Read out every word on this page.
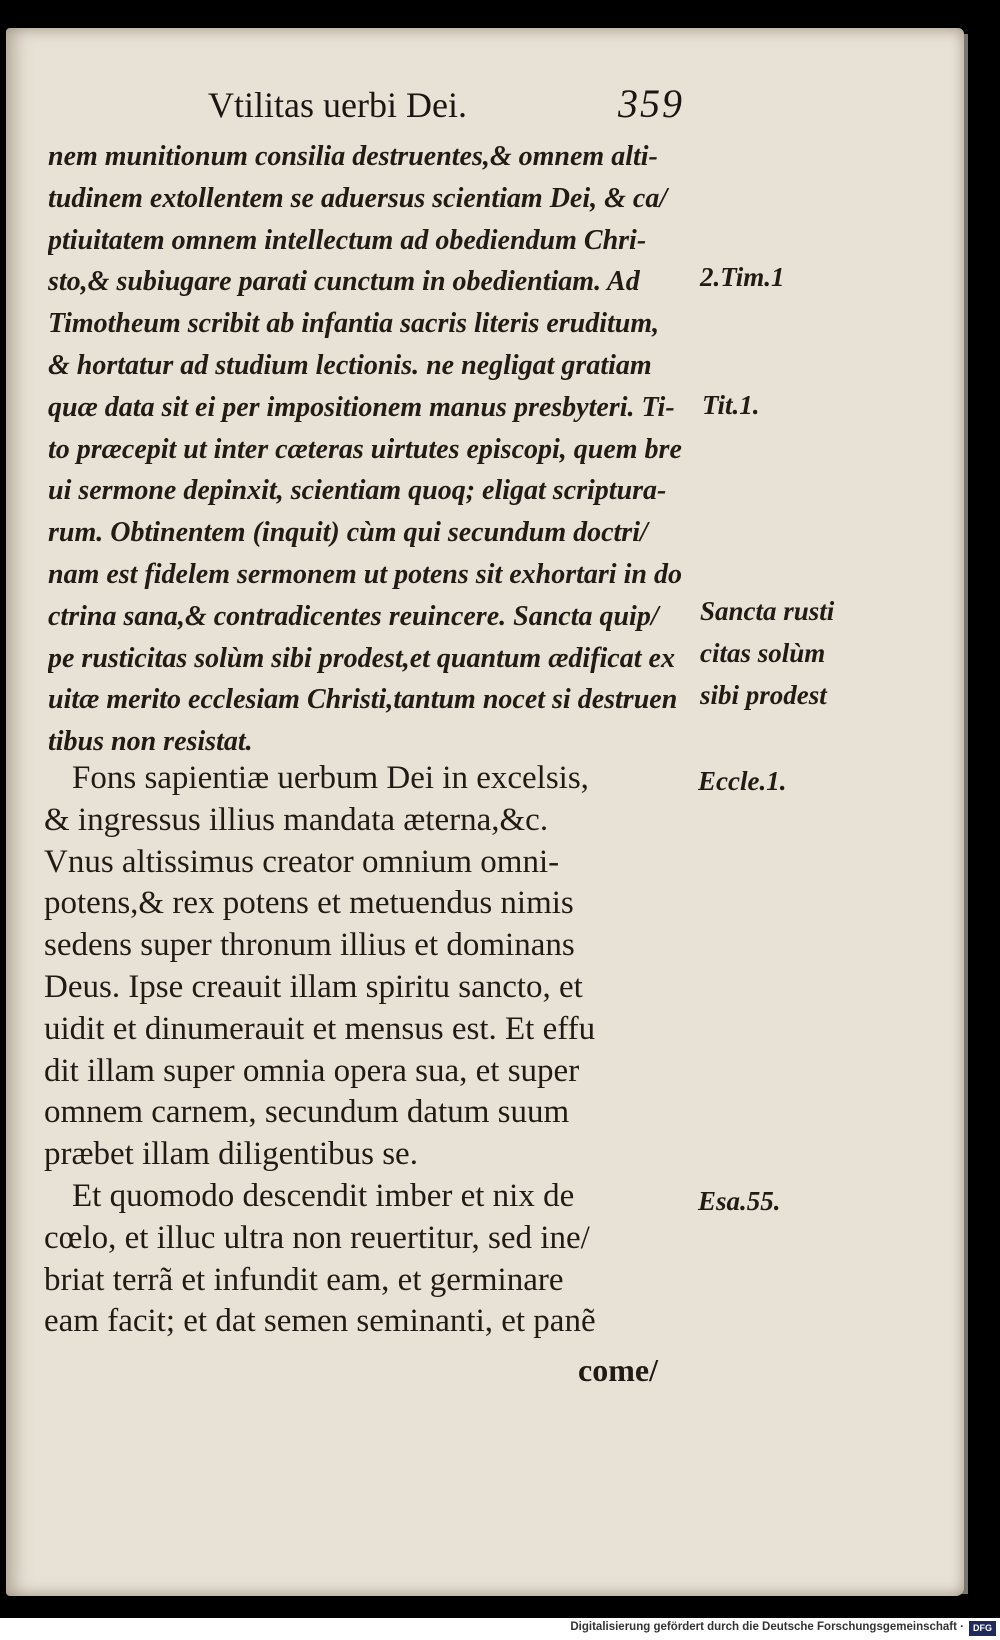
Vtilitas uerbi Dei.	359
nem munitionum consilia destruentes,& omnem alti-
tudinem extollentem se aduersus scientiam Dei, & ca/
ptiuitatem omnem intellectum ad obediendum Chri-
sto,& subiugare parati cunctum in obedientiam. Ad
Timotheum scribit ab infantia sacris literis eruditum,
& hortatur ad studium lectionis. ne negligat gratiam
quæ data sit ei per impositionem manus presbyteri. Ti-
to præcepit ut inter cæteras uirtutes episcopi, quem bre
ui sermone depinxit, scientiam quoq; eligat scriptura-
rum. Obtinentem (inquit) cùm qui secundum doctri/
nam est fidelem sermonem ut potens sit exhortari in do
ctrina sana,& contradicentes reuincere. Sancta quip/
pe rusticitas solùm sibi prodest,et quantum ædificat ex
uitæ merito ecclesiam Christi,tantum nocet si destruen
tibus non resistat.
Fons sapientiæ uerbum Dei in excelsis,
& ingressus illius mandata æterna,&c.
Vnus altissimus creator omnium omni-
potens,& rex potens et metuendus nimis
sedens super thronum illius et dominans
Deus. Ipse creauit illam spiritu sancto, et
uidit et dinumerauit et mensus est. Et effu
dit illam super omnia opera sua, et super
omnem carnem, secundum datum suum
præbet illam diligentibus se.
Et quomodo descendit imber et nix de
cœlo, et illuc ultra non reuertitur, sed ine/
briat terrã et infundit eam, et germinare
eam facit; et dat semen seminanti, et panẽ
2.Tim.1
Tit.1.
Sancta rusti
citas solùm
sibi prodest
Eccle.1.
Esa.55.
come/
Digitalisierung gefördert durch die Deutsche Forschungsgemeinschaft ·	DFG
